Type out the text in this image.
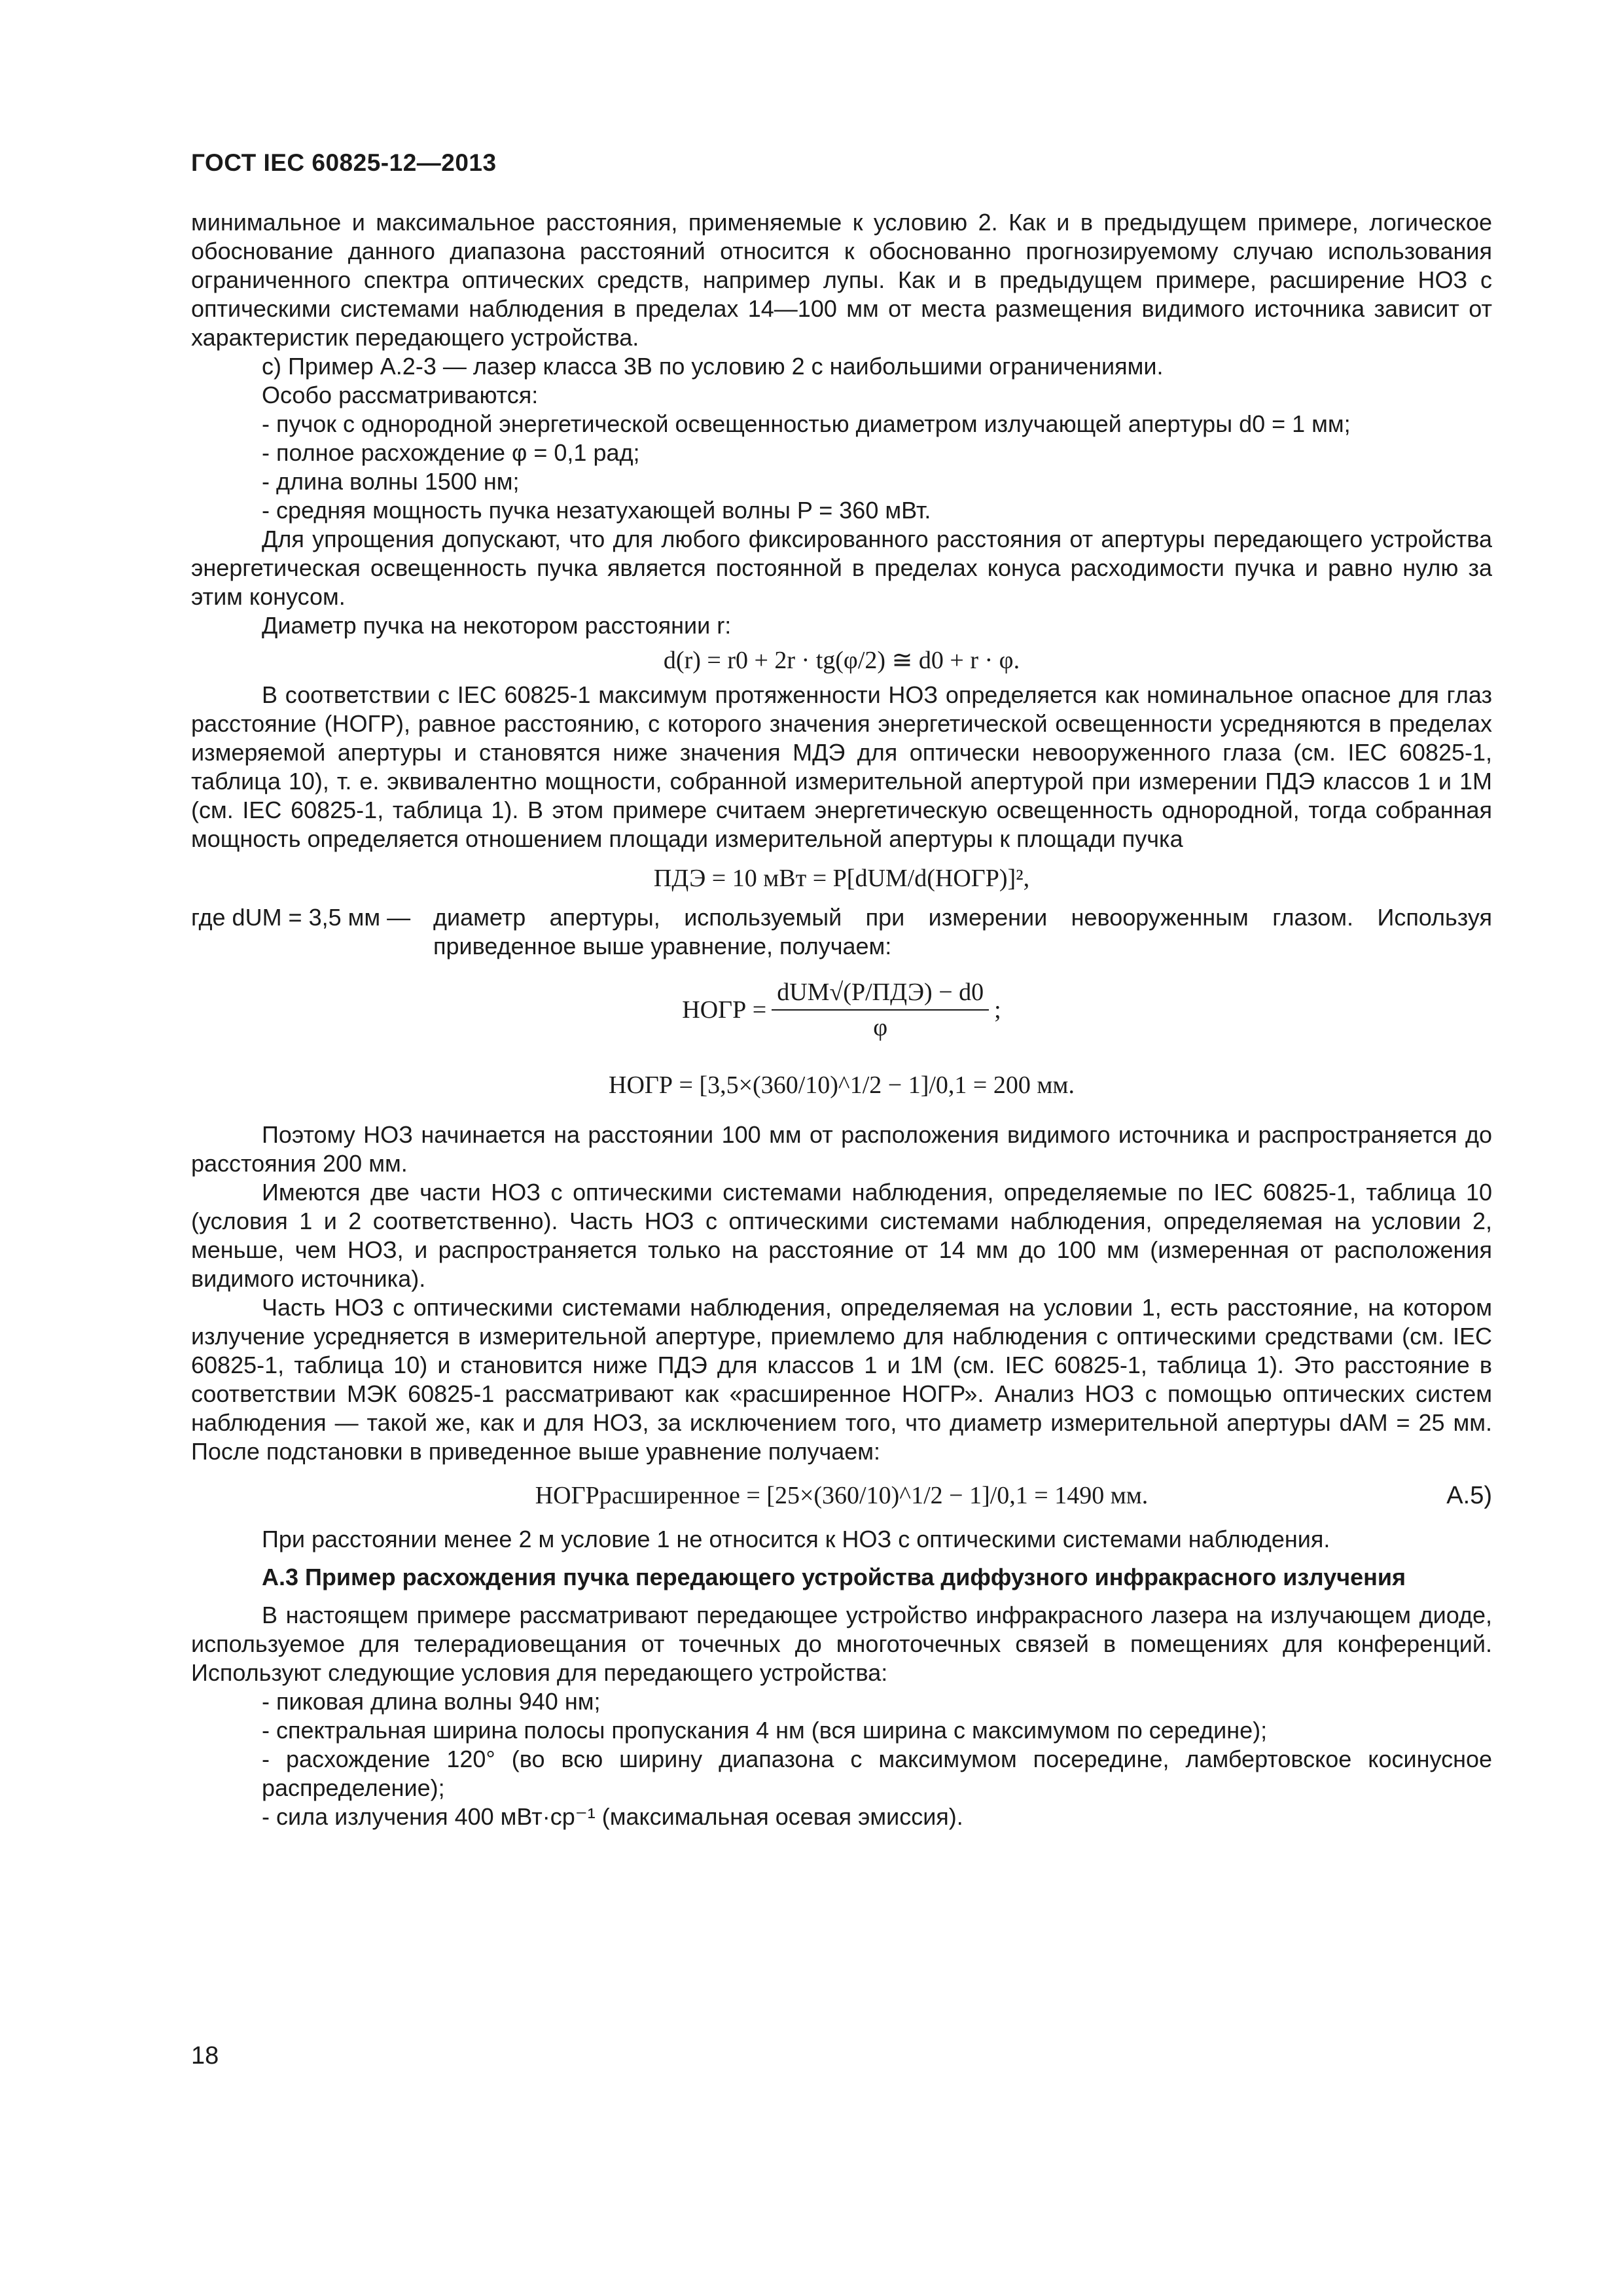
ГОСТ IEC 60825-12—2013

минимальное и максимальное расстояния, применяемые к условию 2. Как и в предыдущем примере, логическое обоснование данного диапазона расстояний относится к обоснованно прогнозируемому случаю использования ограниченного спектра оптических средств, например лупы. Как и в предыдущем примере, расширение НОЗ с оптическими системами наблюдения в пределах 14—100 мм от места размещения видимого источника зависит от характеристик передающего устройства.

с) Пример А.2-3 — лазер класса 3В по условию 2 с наибольшими ограничениями.

Особо рассматриваются:

- пучок с однородной энергетической освещенностью диаметром излучающей апертуры d0 = 1 мм;

- полное расхождение φ = 0,1 рад;

- длина волны 1500 нм;

- средняя мощность пучка незатухающей волны P = 360 мВт.

Для упрощения допускают, что для любого фиксированного расстояния от апертуры передающего устройства энергетическая освещенность пучка является постоянной в пределах конуса расходимости пучка и равно нулю за этим конусом.

Диаметр пучка на некотором расстоянии r:

d(r) = r0 + 2r · tg(φ/2) ≅ d0 + r · φ.

В соответствии с IEC 60825-1 максимум протяженности НОЗ определяется как номинальное опасное для глаз расстояние (НОГР), равное расстоянию, с которого значения энергетической освещенности усредняются в пределах измеряемой апертуры и становятся ниже значения МДЭ для оптически невооруженного глаза (см. IEC 60825-1, таблица 10), т. е. эквивалентно мощности, собранной измерительной апертурой при измерении ПДЭ классов 1 и 1М (см. IEC 60825-1, таблица 1). В этом примере считаем энергетическую освещенность однородной, тогда собранная мощность определяется отношением площади измерительной апертуры к площади пучка

ПДЭ = 10 мВт = P[dUM/d(НОГР)]²,
где dUM = 3,5 мм — диаметр апертуры, используемый при измерении невооруженным глазом. Используя приведенное выше уравнение, получаем:
НОГР = $\frac{\text{dUM√(P/ПДЭ) − d0}}{\varphi}$ ;
НОГР = [3,5×(360/10)^1/2 − 1]/0,1 = 200 мм.

Поэтому НОЗ начинается на расстоянии 100 мм от расположения видимого источника и распространяется до расстояния 200 мм.

Имеются две части НОЗ с оптическими системами наблюдения, определяемые по IEC 60825-1, таблица 10 (условия 1 и 2 соответственно). Часть НОЗ с оптическими системами наблюдения, определяемая на условии 2, меньше, чем НОЗ, и распространяется только на расстояние от 14 мм до 100 мм (измеренная от расположения видимого источника).

Часть НОЗ с оптическими системами наблюдения, определяемая на условии 1, есть расстояние, на котором излучение усредняется в измерительной апертуре, приемлемо для наблюдения с оптическими средствами (см. IEC 60825-1, таблица 10) и становится ниже ПДЭ для классов 1 и 1М (см. IEC 60825-1, таблица 1). Это расстояние в соответствии МЭК 60825-1 рассматривают как «расширенное НОГР». Анализ НОЗ с помощью оптических систем наблюдения — такой же, как и для НОЗ, за исключением того, что диаметр измерительной апертуры dAM = 25 мм. После подстановки в приведенное выше уравнение получаем:

НОГРрасширенное = [25×(360/10)^1/2 − 1]/0,1 = 1490 мм.	A.5)

При расстоянии менее 2 м условие 1 не относится к НОЗ с оптическими системами наблюдения.

А.3 Пример расхождения пучка передающего устройства диффузного инфракрасного излучения

В настоящем примере рассматривают передающее устройство инфракрасного лазера на излучающем диоде, используемое для телерадиовещания от точечных до многоточечных связей в помещениях для конференций. Используют следующие условия для передающего устройства:

- пиковая длина волны 940 нм;

- спектральная ширина полосы пропускания 4 нм (вся ширина с максимумом по середине);

- расхождение 120° (во всю ширину диапазона с максимумом посередине, ламбертовское косинусное распределение);

- сила излучения 400 мВт·ср⁻¹ (максимальная осевая эмиссия).

18
